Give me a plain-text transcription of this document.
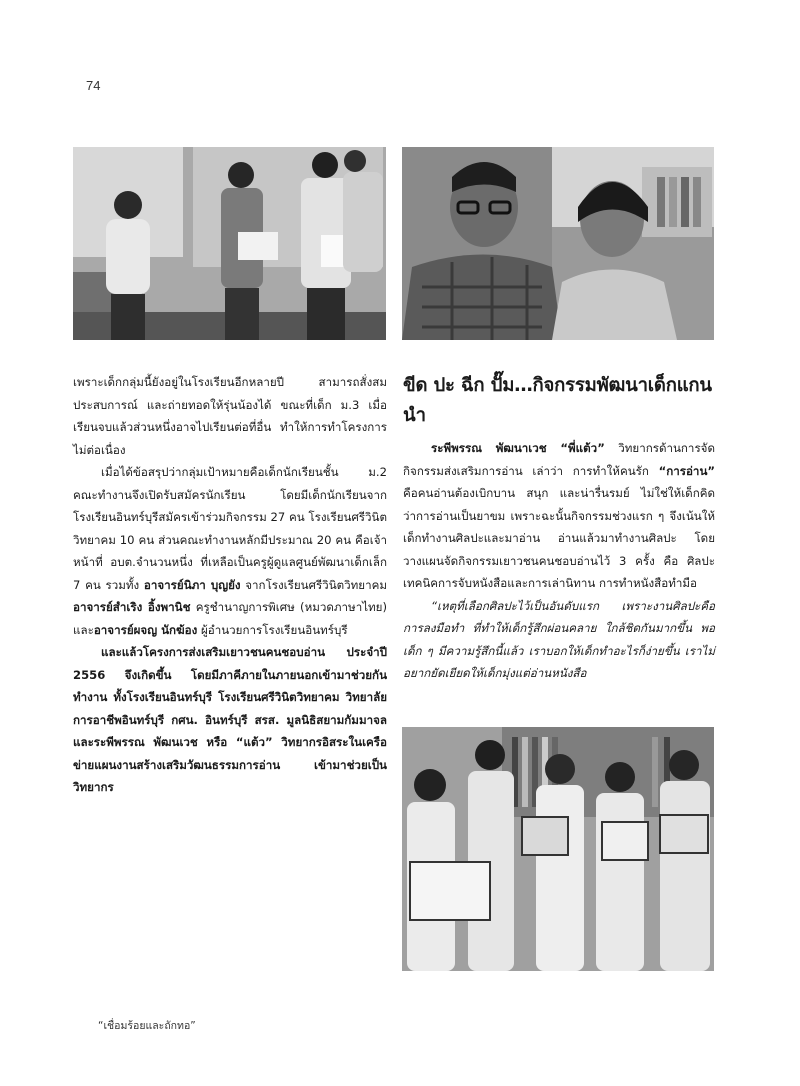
74

เพราะเด็กกลุ่มนี้ยังอยู่ในโรงเรียนอีกหลายปี สามารถสั่งสมประสบการณ์ และถ่ายทอดให้รุ่นน้องได้ ขณะที่เด็ก ม.3 เมื่อเรียนจบแล้วส่วนหนึ่งอาจไปเรียนต่อที่อื่น ทำให้การทำโครงการไม่ต่อเนื่อง

เมื่อได้ข้อสรุปว่ากลุ่มเป้าหมายคือเด็กนักเรียนชั้น ม.2 คณะทำงานจึงเปิดรับสมัครนักเรียน โดยมีเด็กนักเรียนจากโรงเรียนอินทร์บุรีสมัครเข้าร่วมกิจกรรม 27 คน โรงเรียนศรีวินิตวิทยาคม 10 คน ส่วนคณะทำงานหลักมีประมาณ 20 คน คือเจ้าหน้าที่ อบต.จำนวนหนึ่ง ที่เหลือเป็นครูผู้ดูแลศูนย์พัฒนาเด็กเล็ก 7 คน รวมทั้ง อาจารย์นิภา บุญยัง จากโรงเรียนศรีวินิตวิทยาคม อาจารย์สำเริง อิ้งพานิช ครูชำนาญการพิเศษ (หมวดภาษาไทย) และอาจารย์ผจญ นักฆ้อง ผู้อำนวยการโรงเรียนอินทร์บุรี

และแล้วโครงการส่งเสริมเยาวชนคนชอบอ่าน ประจำปี 2556 จึงเกิดขึ้น โดยมีภาคีภายในภายนอกเข้ามาช่วยกันทำงาน ทั้งโรงเรียนอินทร์บุรี โรงเรียนศรีวินิตวิทยาคม วิทยาลัยการอาชีพอินทร์บุรี กศน. อินทร์บุรี สรส. มูลนิธิสยามกัมมาจล และระพีพรรณ พัฒนเวช หรือ “แต้ว” วิทยากรอิสระในเครือข่ายแผนงานสร้างเสริมวัฒนธรรมการอ่าน เข้ามาช่วยเป็นวิทยากร

ขีด ปะ ฉีก ปั๊ม…กิจกรรมพัฒนาเด็กแกนนำ

ระพีพรรณ พัฒนาเวช “พี่แต้ว” วิทยากรด้านการจัดกิจกรรมส่งเสริมการอ่าน เล่าว่า การทำให้คนรัก “การอ่าน” คือคนอ่านต้องเบิกบาน สนุก และน่ารื่นรมย์ ไม่ใช่ให้เด็กคิดว่าการอ่านเป็นยาขม เพราะฉะนั้นกิจกรรมช่วงแรก ๆ จึงเน้นให้เด็กทำงานศิลปะและมาอ่าน อ่านแล้วมาทำงานศิลปะ โดยวางแผนจัดกิจกรรมเยาวชนคนชอบอ่านไว้ 3 ครั้ง คือ ศิลปะ เทคนิคการจับหนังสือและการเล่านิทาน การทำหนังสือทำมือ

“เหตุที่เลือกศิลปะไว้เป็นอันดับแรก เพราะงานศิลปะคือการลงมือทำ ที่ทำให้เด็กรู้สึกผ่อนคลาย ใกล้ชิดกันมากขึ้น พอเด็ก ๆ มีความรู้สึกนี้แล้ว เราบอกให้เด็กทำอะไรก็ง่ายขึ้น เราไม่อยากยัดเยียดให้เด็กมุ่งแต่อ่านหนังสือ

“เชื่อมร้อยและถักทอ”
